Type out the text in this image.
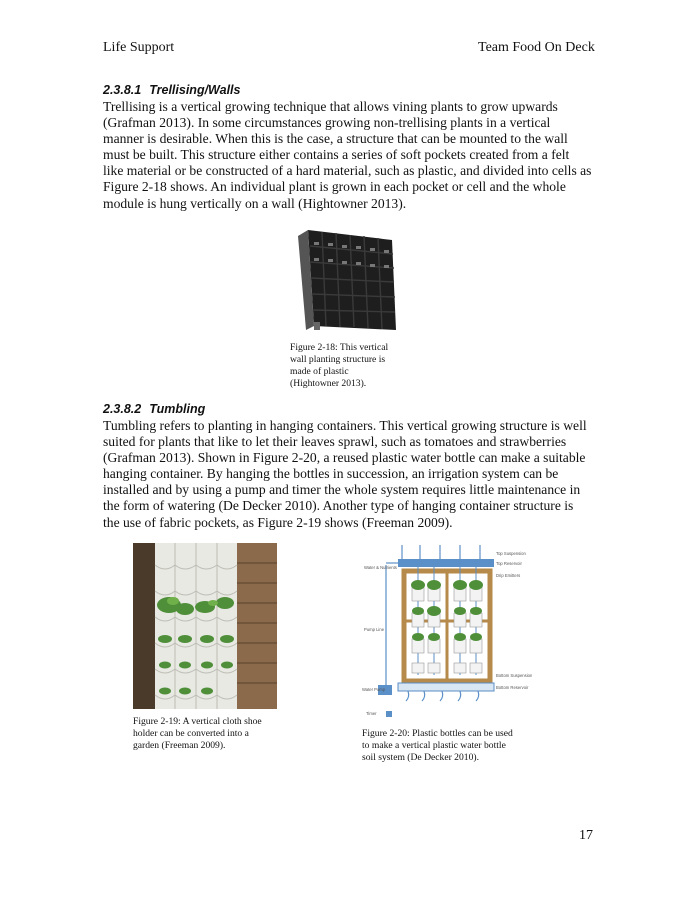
Life Support	Team Food On Deck
2.3.8.1 Trellising/Walls

Trellising is a vertical growing technique that allows vining plants to grow upwards
(Grafman 2013). In some circumstances growing non-trellising plants in a vertical
manner is desirable. When this is the case, a structure that can be mounted to the wall
must be built. This structure either contains a series of soft pockets created from a felt
like material or be constructed of a hard material, such as plastic, and divided into cells as
Figure 2-18 shows. An individual plant is grown in each pocket or cell and the whole
module is hung vertically on a wall (Hightowner 2013).

Figure 2-18: This vertical
wall planting structure is
made of plastic
(Hightowner 2013).
2.3.8.2 Tumbling

Tumbling refers to planting in hanging containers. This vertical growing structure is well
suited for plants that like to let their leaves sprawl, such as tomatoes and strawberries
(Grafman 2013). Shown in Figure 2-20, a reused plastic water bottle can make a suitable
hanging container. By hanging the bottles in succession, an irrigation system can be
installed and by using a pump and timer the whole system requires little maintenance in
the form of watering (De Decker 2010). Another type of hanging container structure is
the use of fabric pockets, as Figure 2-19 shows (Freeman 2009).

Figure 2-19: A vertical cloth shoe
holder can be converted into a
garden (Freeman 2009).
Water & Nutrients
Pump Line
Water Pump
Timer
Top Suspension
Top Reservoir
Drip Emitters
Bottom Suspension
Bottom Reservoir
Figure 2-20: Plastic bottles can be used
to make a vertical plastic water bottle
soil system (De Decker 2010).
17
